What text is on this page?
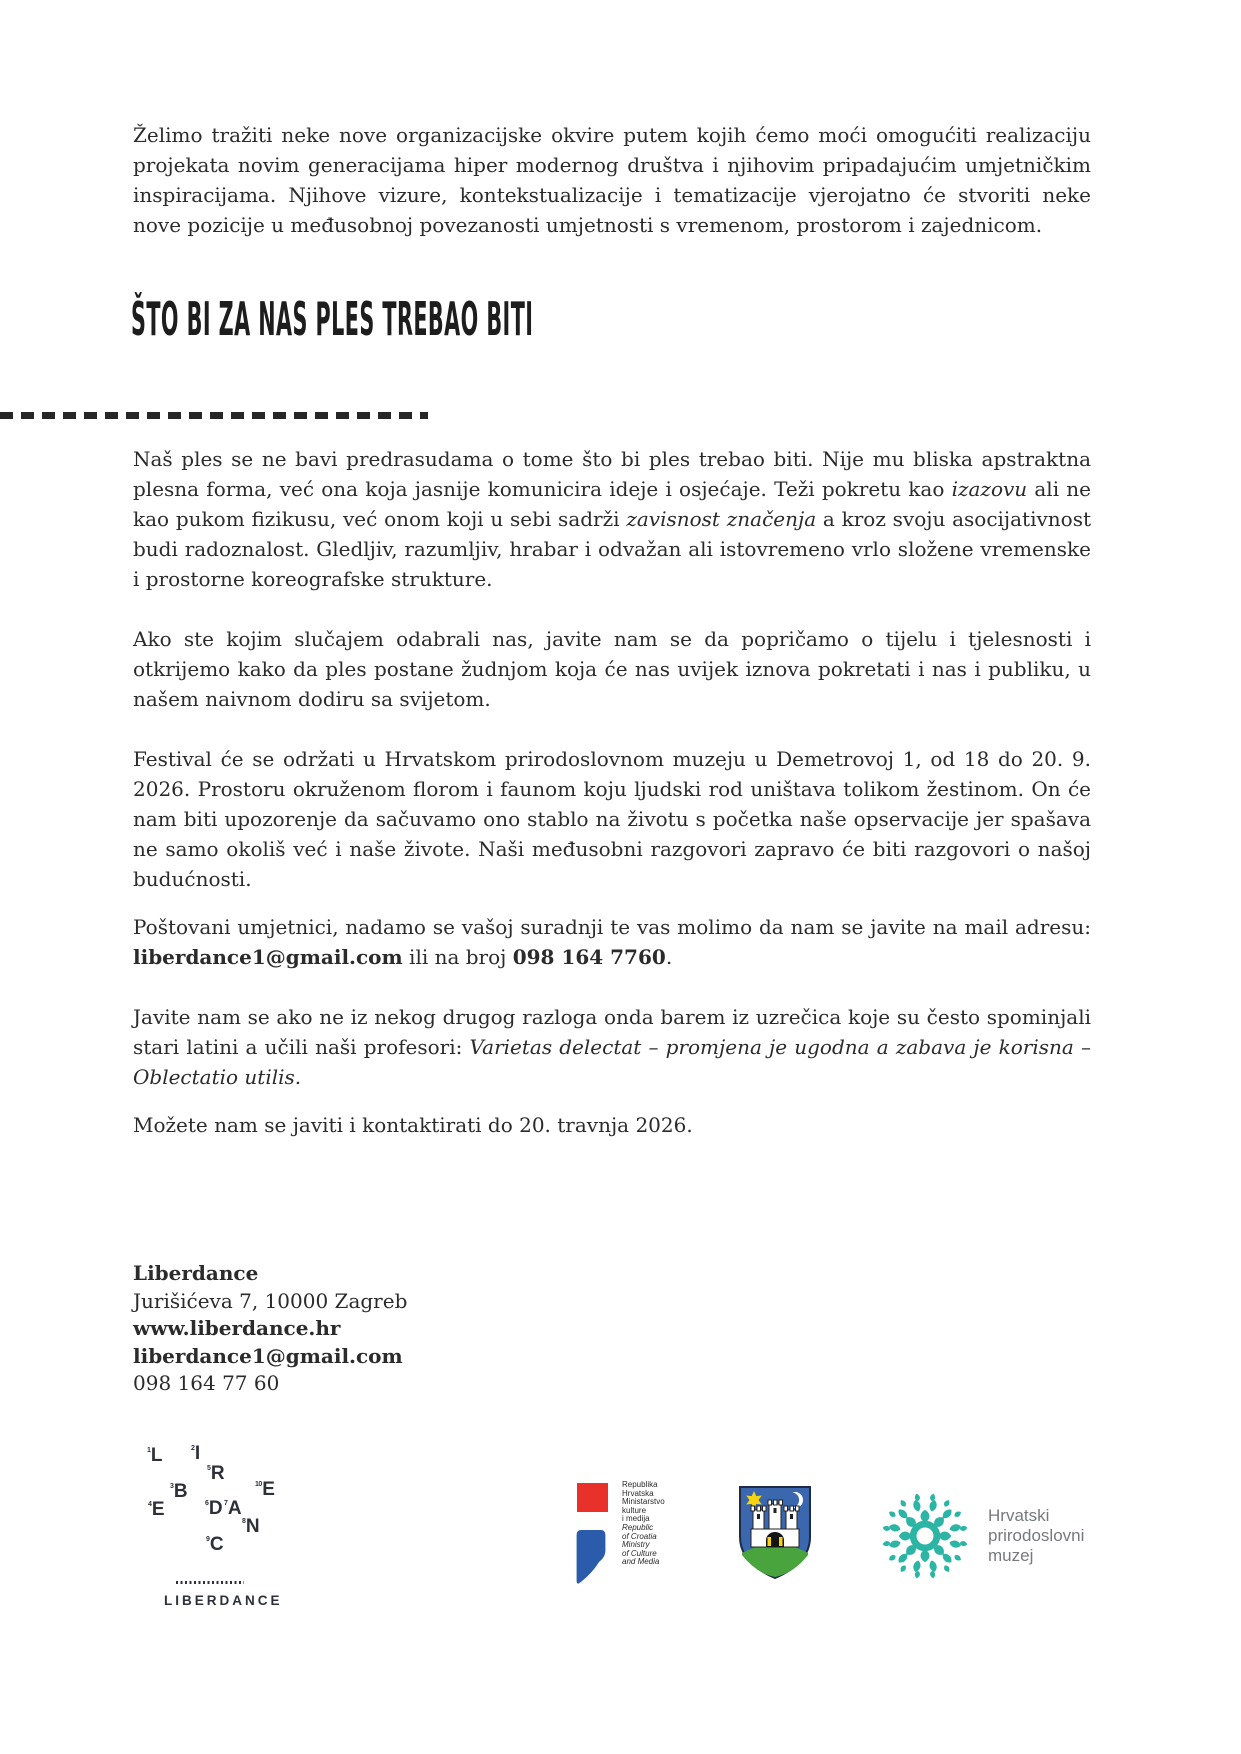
Želimo tražiti neke nove organizacijske okvire putem kojih ćemo moći omogućiti realizaciju projekata novim generacijama hiper modernog društva i njihovim pripadajućim umjetničkim inspiracijama. Njihove vizure, kontekstualizacije i tematizacije vjerojatno će stvoriti neke nove pozicije u međusobnoj povezanosti umjetnosti s vremenom, prostorom i zajednicom.

ŠTO BI ZA NAS PLES TREBAO BITI

Naš ples se ne bavi predrasudama o tome što bi ples trebao biti. Nije mu bliska apstraktna plesna forma, već ona koja jasnije komunicira ideje i osjećaje. Teži pokretu kao izazovu ali ne kao pukom fizikusu, već onom koji u sebi sadrži zavisnost značenja a kroz svoju asocijativnost budi radoznalost. Gledljiv, razumljiv, hrabar i odvažan ali istovremeno vrlo složene vremenske i prostorne koreografske strukture.

Ako ste kojim slučajem odabrali nas, javite nam se da popričamo o tijelu i tjelesnosti i otkrijemo kako da ples postane žudnjom koja će nas uvijek iznova pokretati i nas i publiku, u našem naivnom dodiru sa svijetom.

Festival će se održati u Hrvatskom prirodoslovnom muzeju u Demetrovoj 1, od 18 do 20. 9. 2026. Prostoru okruženom florom i faunom koju ljudski rod uništava tolikom žestinom. On će nam biti upozorenje da sačuvamo ono stablo na životu s početka naše opservacije jer spašava ne samo okoliš već i naše živote. Naši međusobni razgovori zapravo će biti razgovori o našoj budućnosti.

Poštovani umjetnici, nadamo se vašoj suradnji te vas molimo da nam se javite na mail adresu: liberdance1@gmail.com ili na broj 098 164 7760.

Javite nam se ako ne iz nekog drugog razloga onda barem iz uzrečica koje su često spominjali stari latini a učili naši profesori: Varietas delectat – promjena je ugodna a zabava je korisna – Oblectatio utilis.

Možete nam se javiti i kontaktirati do 20. travnja 2026.

Liberdance
Jurišićeva 7, 10000 Zagreb
www.liberdance.hr
liberdance1@gmail.com
098 164 77 60
$^1$L	$^2$I
$^5$R
$^3$B	$^{10}$E
$^4$E	$^6$D $^7$A
$^8$N
$^9$C
LIBERDANCE

Republika
Hrvatska
Ministarstvo
kulture
i medija
Republic
of Croatia
Ministry
of Culture
and Media

Hrvatski
prirodoslovni
muzej
